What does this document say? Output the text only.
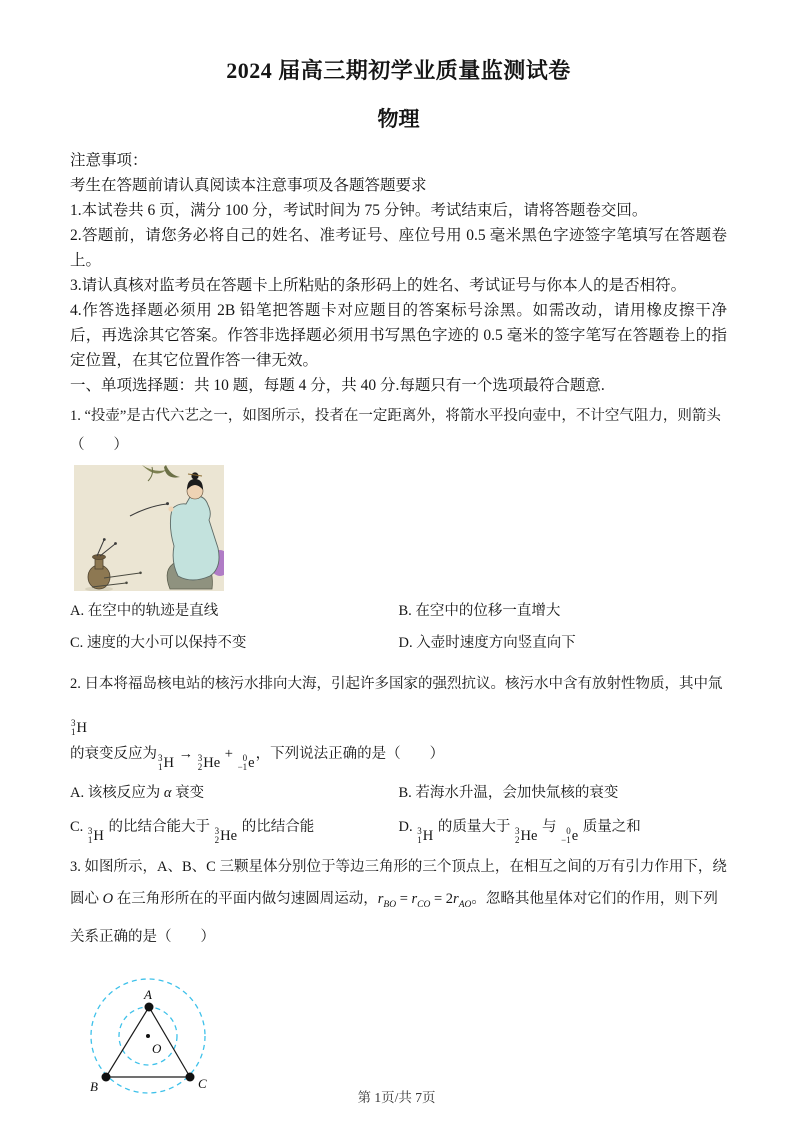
2024 届高三期初学业质量监测试卷
物理

注意事项：

考生在答题前请认真阅读本注意事项及各题答题要求

1.本试卷共 6 页，满分 100 分，考试时间为 75 分钟。考试结束后，请将答题卷交回。

2.答题前，请您务必将自己的姓名、准考证号、座位号用 0.5 毫米黑色字迹签字笔填写在答题卷上。

3.请认真核对监考员在答题卡上所粘贴的条形码上的姓名、考试证号与你本人的是否相符。

4.作答选择题必须用 2B 铅笔把答题卡对应题目的答案标号涂黑。如需改动，请用橡皮擦干净后，再选涂其它答案。作答非选择题必须用书写黑色字迹的 0.5 毫米的签字笔写在答题卷上的指定位置，在其它位置作答一律无效。

一、单项选择题：共 10 题，每题 4 分，共 40 分.每题只有一个选项最符合题意.

1. “投壶”是古代六艺之一，如图所示，投者在一定距离外，将箭水平投向壶中，不计空气阻力，则箭头

（　　）

A. 在空中的轨迹是直线	B. 在空中的位移一直增大

C. 速度的大小可以保持不变	D. 入壶时速度方向竖直向下

2. 日本将福岛核电站的核污水排向大海，引起许多国家的强烈抗议。核污水中含有放射性物质，其中氚
3
1 H

的衰变反应为 3
1 H
→ 3
2 He
+ 0
−1 e
，下列说法正确的是（　　）

A. 该核反应为 α 衰变	B. 若海水升温，会加快氚核的衰变

C. 3
1 H
的比结合能大于 3
2 He
的比结合能	D. 3
1 H
的质量大于 3
2 He
与 0
−1 e
质量之和

3. 如图所示，A、B、C 三颗星体分别位于等边三角形的三个顶点上，在相互之间的万有引力作用下，绕

圆心 O 在三角形所在的平面内做匀速圆周运动，$r_{BO} = r_{CO} = 2r_{AO}$。忽略其他星体对它们的作用，则下列

关系正确的是（　　）

A
B	C
O
第 1页/共 7页
